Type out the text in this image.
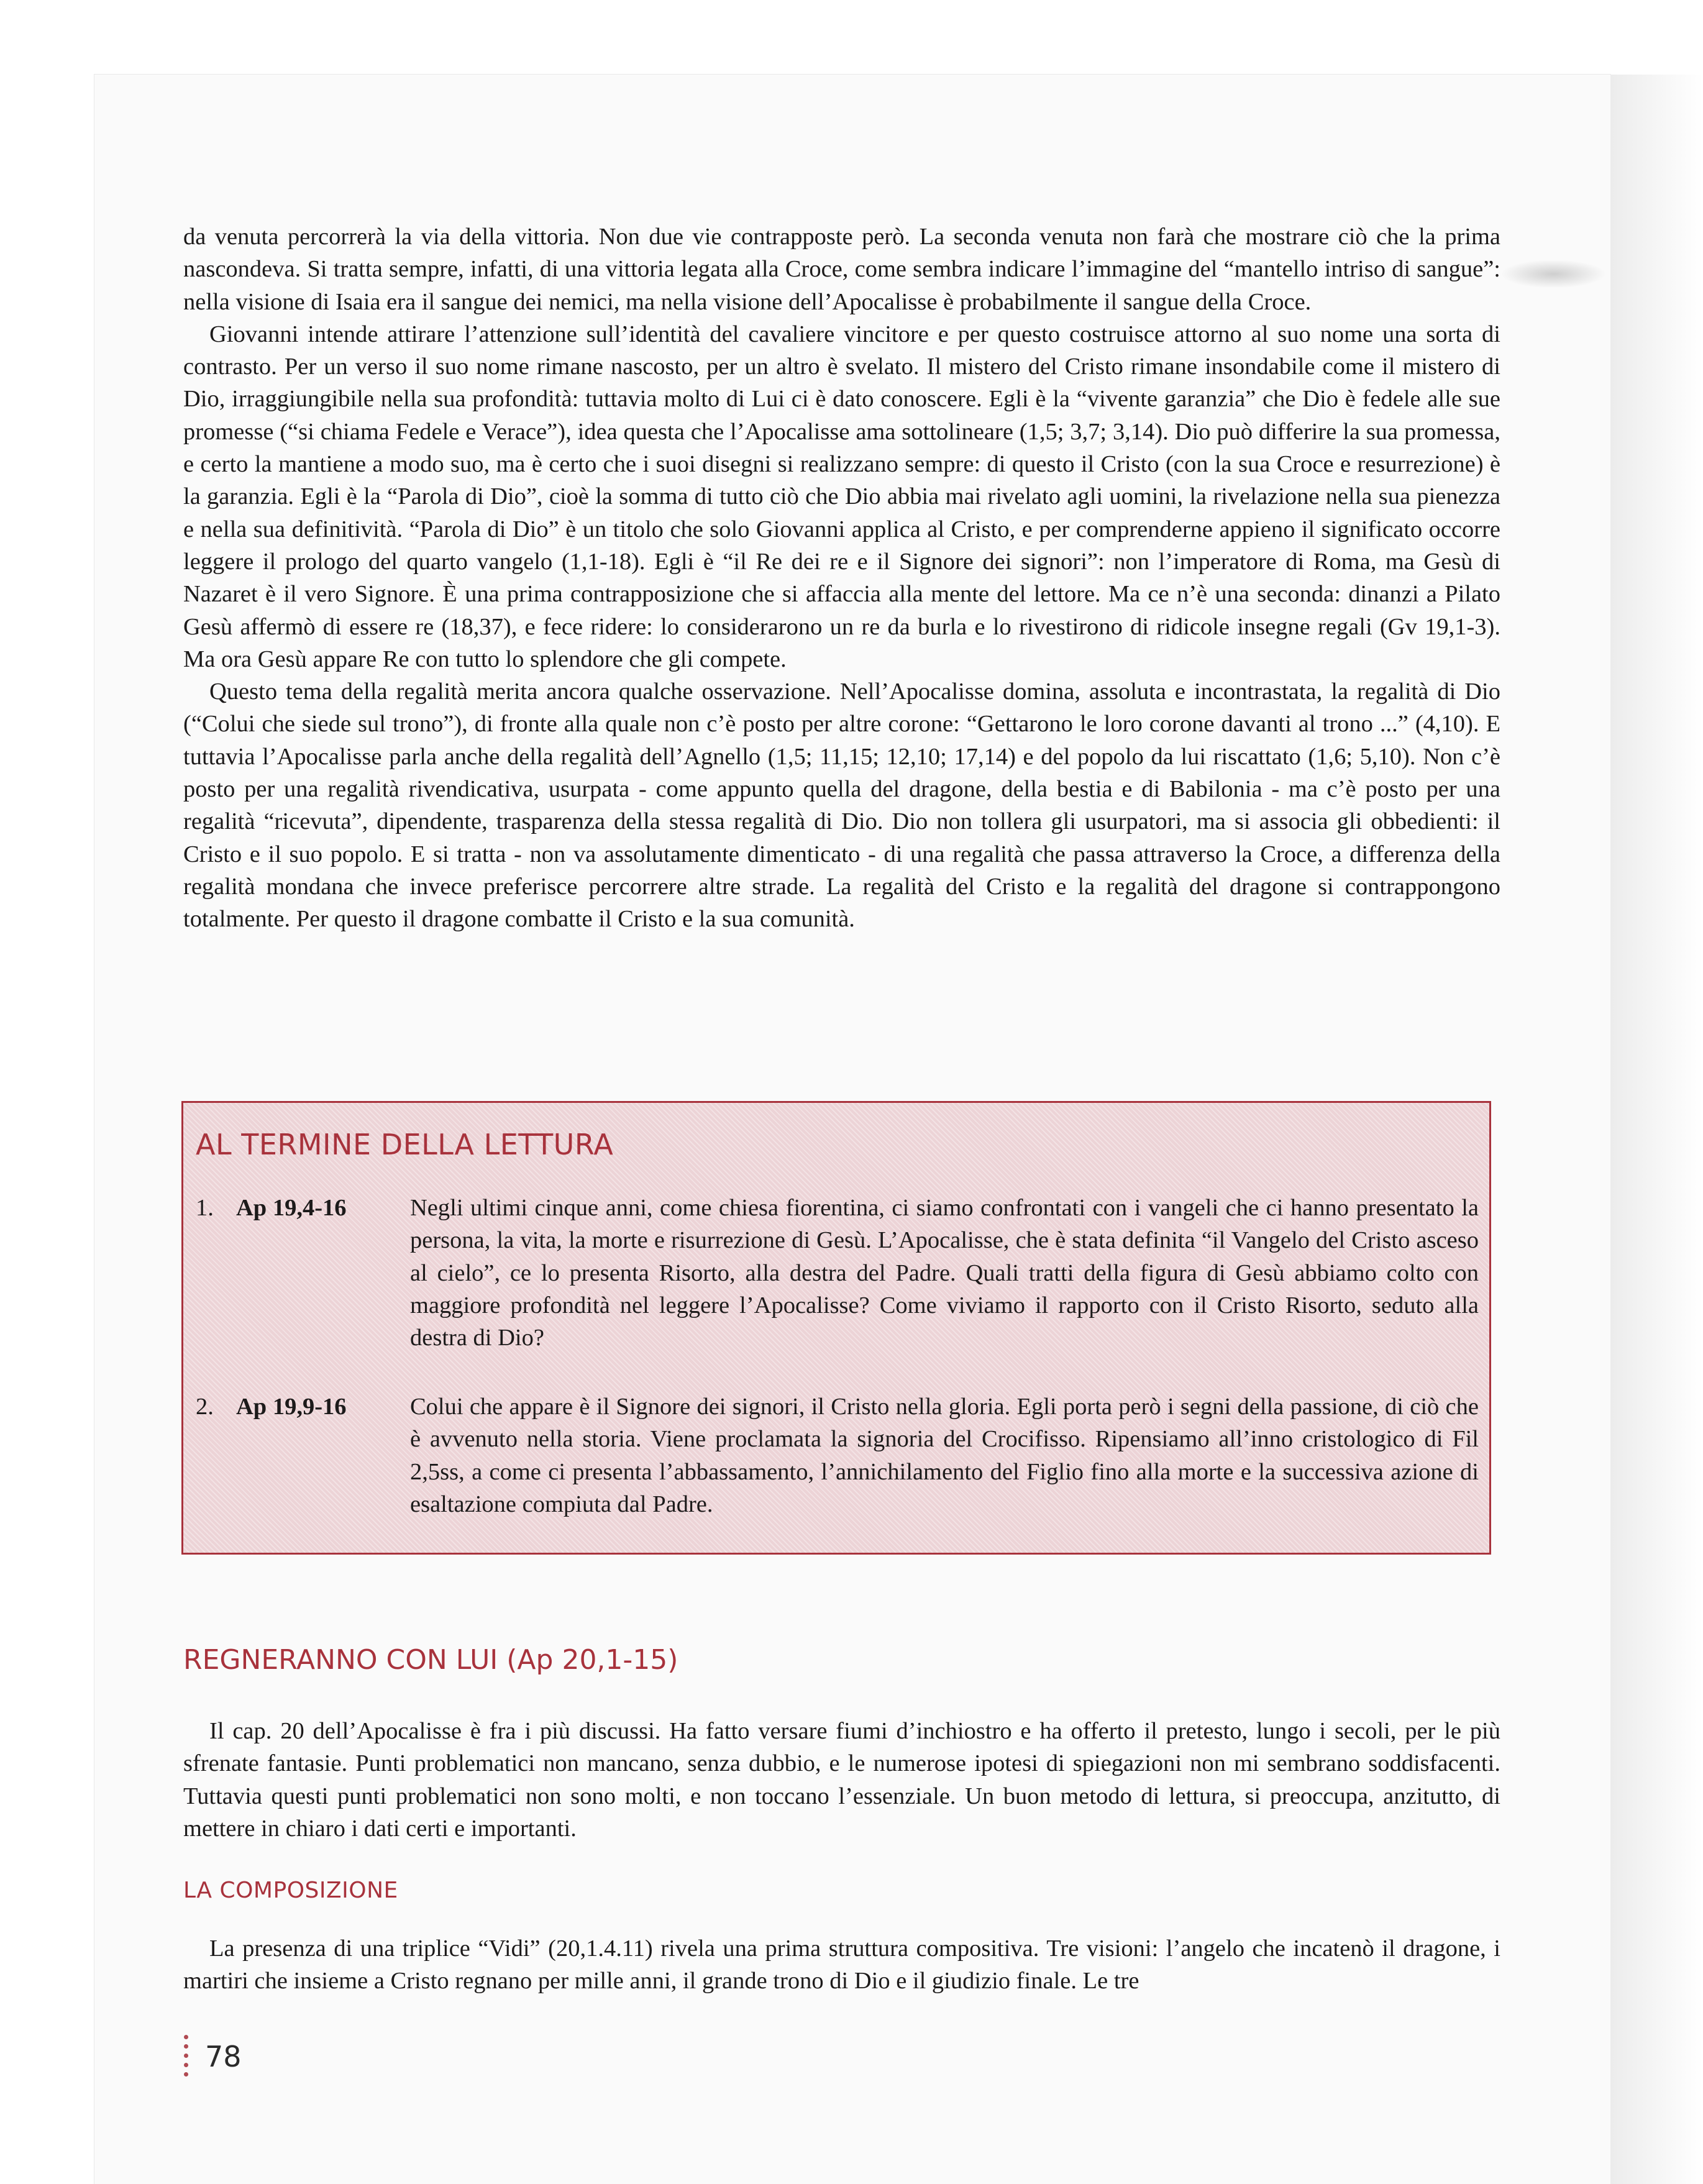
da venuta percorrerà la via della vittoria. Non due vie contrapposte però. La seconda venuta non farà che mostrare ciò che la prima nascondeva. Si tratta sempre, infatti, di una vittoria legata alla Croce, come sembra indicare l’immagine del “mantello intriso di sangue”: nella visione di Isaia era il sangue dei nemici, ma nella visione dell’Apocalisse è probabilmente il sangue della Croce.

Giovanni intende attirare l’attenzione sull’identità del cavaliere vincitore e per questo costruisce attorno al suo nome una sorta di contrasto. Per un verso il suo nome rimane nascosto, per un altro è svelato. Il mistero del Cristo rimane insondabile come il mistero di Dio, irraggiungibile nella sua profondità: tuttavia molto di Lui ci è dato conoscere. Egli è la “vivente garanzia” che Dio è fedele alle sue promesse (“si chiama Fedele e Verace”), idea questa che l’Apocalisse ama sottolineare (1,5; 3,7; 3,14). Dio può differire la sua promessa, e certo la mantiene a modo suo, ma è certo che i suoi disegni si realizzano sempre: di questo il Cristo (con la sua Croce e resurrezione) è la garanzia. Egli è la “Parola di Dio”, cioè la somma di tutto ciò che Dio abbia mai rivelato agli uomini, la rivelazione nella sua pienezza e nella sua definitività. “Parola di Dio” è un titolo che solo Giovanni applica al Cristo, e per comprenderne appieno il significato occorre leggere il prologo del quarto vangelo (1,1-18). Egli è “il Re dei re e il Signore dei signori”: non l’imperatore di Roma, ma Gesù di Nazaret è il vero Signore. È una prima contrapposizione che si affaccia alla mente del lettore. Ma ce n’è una seconda: dinanzi a Pilato Gesù affermò di essere re (18,37), e fece ridere: lo considerarono un re da burla e lo rivestirono di ridicole insegne regali (Gv 19,1-3). Ma ora Gesù appare Re con tutto lo splendore che gli compete.

Questo tema della regalità merita ancora qualche osservazione. Nell’Apocalisse domina, assoluta e incontrastata, la regalità di Dio (“Colui che siede sul trono”), di fronte alla quale non c’è posto per altre corone: “Gettarono le loro corone davanti al trono ...” (4,10). E tuttavia l’Apocalisse parla anche della regalità dell’Agnello (1,5; 11,15; 12,10; 17,14) e del popolo da lui riscattato (1,6; 5,10). Non c’è posto per una regalità rivendicativa, usurpata - come appunto quella del dragone, della bestia e di Babilonia - ma c’è posto per una regalità “ricevuta”, dipendente, trasparenza della stessa regalità di Dio. Dio non tollera gli usurpatori, ma si associa gli obbedienti: il Cristo e il suo popolo. E si tratta - non va assolutamente dimenticato - di una regalità che passa attraverso la Croce, a differenza della regalità mondana che invece preferisce percorrere altre strade. La regalità del Cristo e la regalità del dragone si contrappongono totalmente. Per questo il dragone combatte il Cristo e la sua comunità.

AL TERMINE DELLA LETTURA
1. Ap 19,4-16	Negli ultimi cinque anni, come chiesa fiorentina, ci siamo confrontati con i vangeli che ci hanno presentato la persona, la vita, la morte e risurrezione di Gesù. L’Apocalisse, che è stata definita “il Vangelo del Cristo asceso al cielo”, ce lo presenta Risorto, alla destra del Padre. Quali tratti della figura di Gesù abbiamo colto con maggiore profondità nel leggere l’Apocalisse? Come viviamo il rapporto con il Cristo Risorto, seduto alla destra di Dio?
2. Ap 19,9-16	Colui che appare è il Signore dei signori, il Cristo nella gloria. Egli porta però i segni della passione, di ciò che è avvenuto nella storia. Viene proclamata la signoria del Crocifisso. Ripensiamo all’inno cristologico di Fil 2,5ss, a come ci presenta l’abbassamento, l’annichilamento del Figlio fino alla morte e la successiva azione di esaltazione compiuta dal Padre.
REGNERANNO CON LUI (Ap 20,1-15)

Il cap. 20 dell’Apocalisse è fra i più discussi. Ha fatto versare fiumi d’inchiostro e ha offerto il pretesto, lungo i secoli, per le più sfrenate fantasie. Punti problematici non mancano, senza dubbio, e le numerose ipotesi di spiegazioni non mi sembrano soddisfacenti. Tuttavia questi punti problematici non sono molti, e non toccano l’essenziale. Un buon metodo di lettura, si preoccupa, anzitutto, di mettere in chiaro i dati certi e importanti.

LA COMPOSIZIONE

La presenza di una triplice “Vidi” (20,1.4.11) rivela una prima struttura compositiva. Tre visioni: l’angelo che incatenò il dragone, i martiri che insieme a Cristo regnano per mille anni, il grande trono di Dio e il giudizio finale. Le tre

78
